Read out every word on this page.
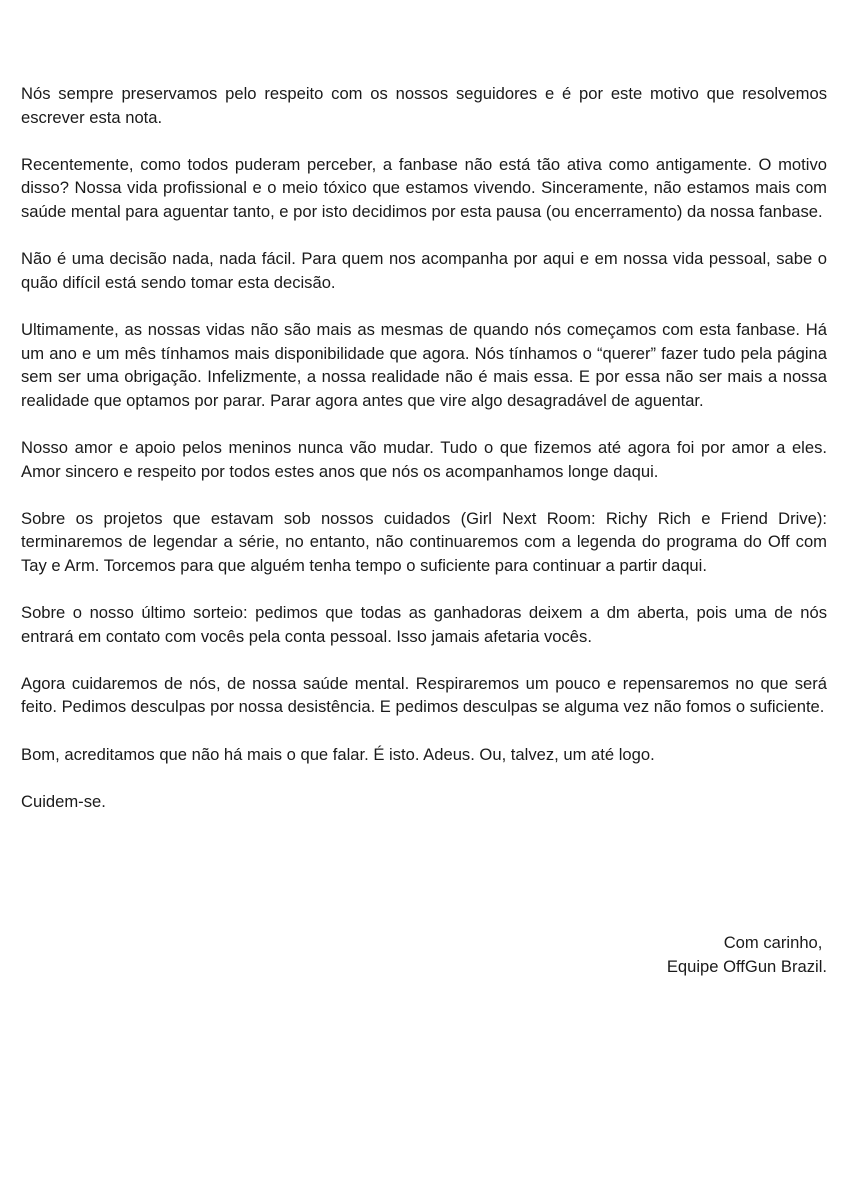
Nós sempre preservamos pelo respeito com os nossos seguidores e é por este motivo que resolvemos escrever esta nota.

Recentemente, como todos puderam perceber, a fanbase não está tão ativa como antigamente. O motivo disso? Nossa vida profissional e o meio tóxico que estamos vivendo. Sinceramente, não estamos mais com saúde mental para aguentar tanto, e por isto decidimos por esta pausa (ou encerramento) da nossa fanbase.

Não é uma decisão nada, nada fácil. Para quem nos acompanha por aqui e em nossa vida pessoal, sabe o quão difícil está sendo tomar esta decisão.

Ultimamente, as nossas vidas não são mais as mesmas de quando nós começamos com esta fanbase. Há um ano e um mês tínhamos mais disponibilidade que agora. Nós tínhamos o “querer” fazer tudo pela página sem ser uma obrigação. Infelizmente, a nossa realidade não é mais essa. E por essa não ser mais a nossa realidade que optamos por parar. Parar agora antes que vire algo desagradável de aguentar.

Nosso amor e apoio pelos meninos nunca vão mudar. Tudo o que fizemos até agora foi por amor a eles. Amor sincero e respeito por todos estes anos que nós os acompanhamos longe daqui.

Sobre os projetos que estavam sob nossos cuidados (Girl Next Room: Richy Rich e Friend Drive): terminaremos de legendar a série, no entanto, não continuaremos com a legenda do programa do Off com Tay e Arm. Torcemos para que alguém tenha tempo o suficiente para continuar a partir daqui.

Sobre o nosso último sorteio: pedimos que todas as ganhadoras deixem a dm aberta, pois uma de nós entrará em contato com vocês pela conta pessoal. Isso jamais afetaria vocês.

Agora cuidaremos de nós, de nossa saúde mental. Respiraremos um pouco e repensaremos no que será feito. Pedimos desculpas por nossa desistência. E pedimos desculpas se alguma vez não fomos o suficiente.

Bom, acreditamos que não há mais o que falar. É isto. Adeus. Ou, talvez, um até logo.

Cuidem-se.

Com carinho,
Equipe OffGun Brazil.
